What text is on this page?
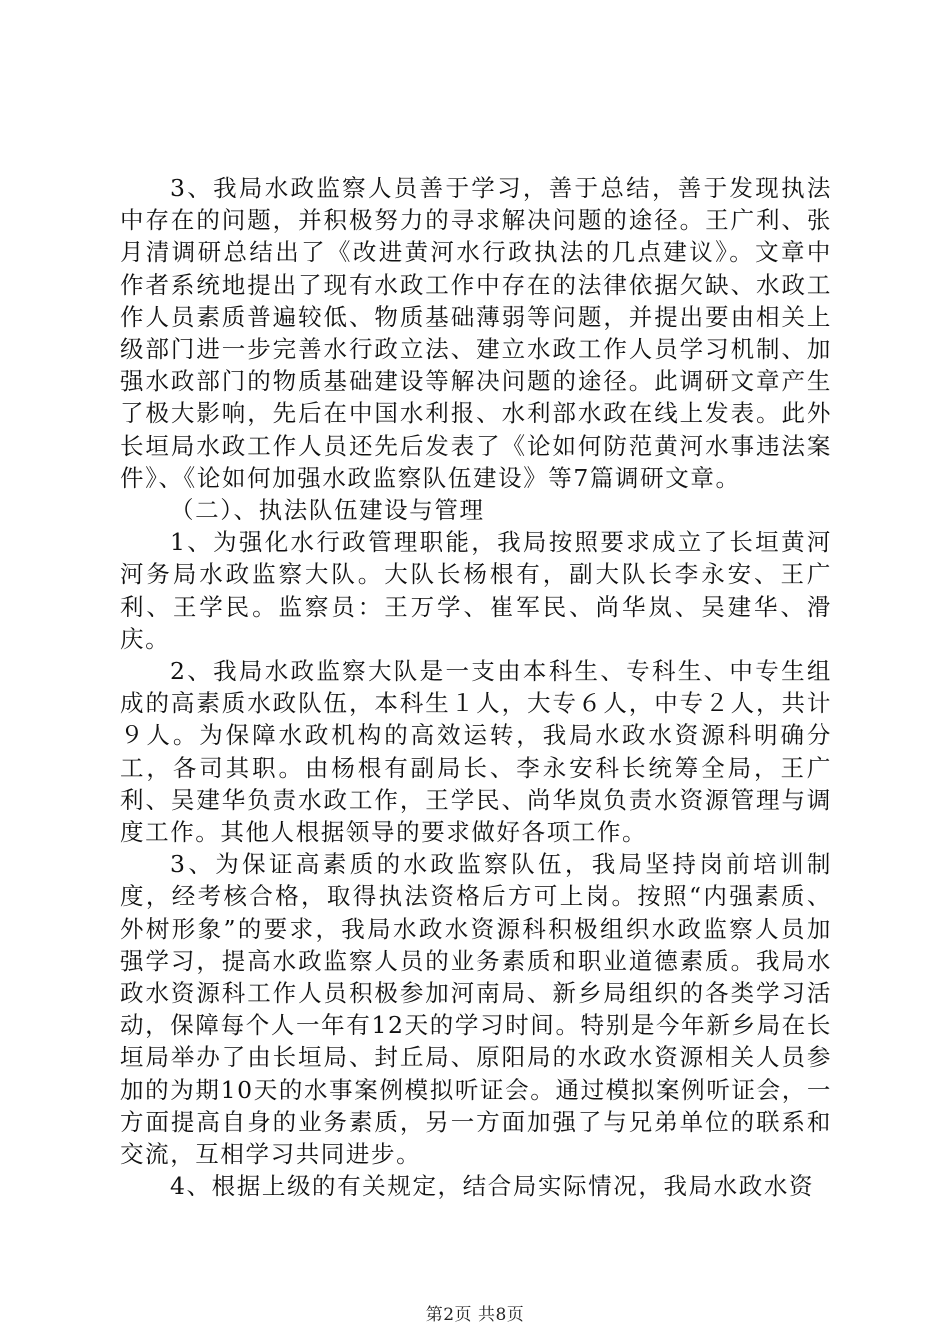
3、我局水政监察人员善于学习，善于总结，善于发现执法中存在的问题，并积极努力的寻求解决问题的途径。王广利、张月清调研总结出了《改进黄河水行政执法的几点建议》。文章中作者系统地提出了现有水政工作中存在的法律依据欠缺、水政工作人员素质普遍较低、物质基础薄弱等问题，并提出要由相关上级部门进一步完善水行政立法、建立水政工作人员学习机制、加强水政部门的物质基础建设等解决问题的途径。此调研文章产生了极大影响，先后在中国水利报、水利部水政在线上发表。此外长垣局水政工作人员还先后发表了《论如何防范黄河水事违法案件》、《论如何加强水政监察队伍建设》等7篇调研文章。

（二）、执法队伍建设与管理

1、为强化水行政管理职能，我局按照要求成立了长垣黄河河务局水政监察大队。大队长杨根有，副大队长李永安、王广利、王学民。监察员：王万学、崔军民、尚华岚、吴建华、滑庆。

2、我局水政监察大队是一支由本科生、专科生、中专生组成的高素质水政队伍，本科生１人，大专６人，中专２人，共计９人。为保障水政机构的高效运转，我局水政水资源科明确分工，各司其职。由杨根有副局长、李永安科长统筹全局，王广利、吴建华负责水政工作，王学民、尚华岚负责水资源管理与调度工作。其他人根据领导的要求做好各项工作。

3、为保证高素质的水政监察队伍，我局坚持岗前培训制度，经考核合格，取得执法资格后方可上岗。按照“内强素质、外树形象”的要求，我局水政水资源科积极组织水政监察人员加强学习，提高水政监察人员的业务素质和职业道德素质。我局水政水资源科工作人员积极参加河南局、新乡局组织的各类学习活动，保障每个人一年有12天的学习时间。特别是今年新乡局在长垣局举办了由长垣局、封丘局、原阳局的水政水资源相关人员参加的为期10天的水事案例模拟听证会。通过模拟案例听证会，一方面提高自身的业务素质，另一方面加强了与兄弟单位的联系和交流，互相学习共同进步。

4、根据上级的有关规定，结合局实际情况，我局水政水资

第2页 共8页
